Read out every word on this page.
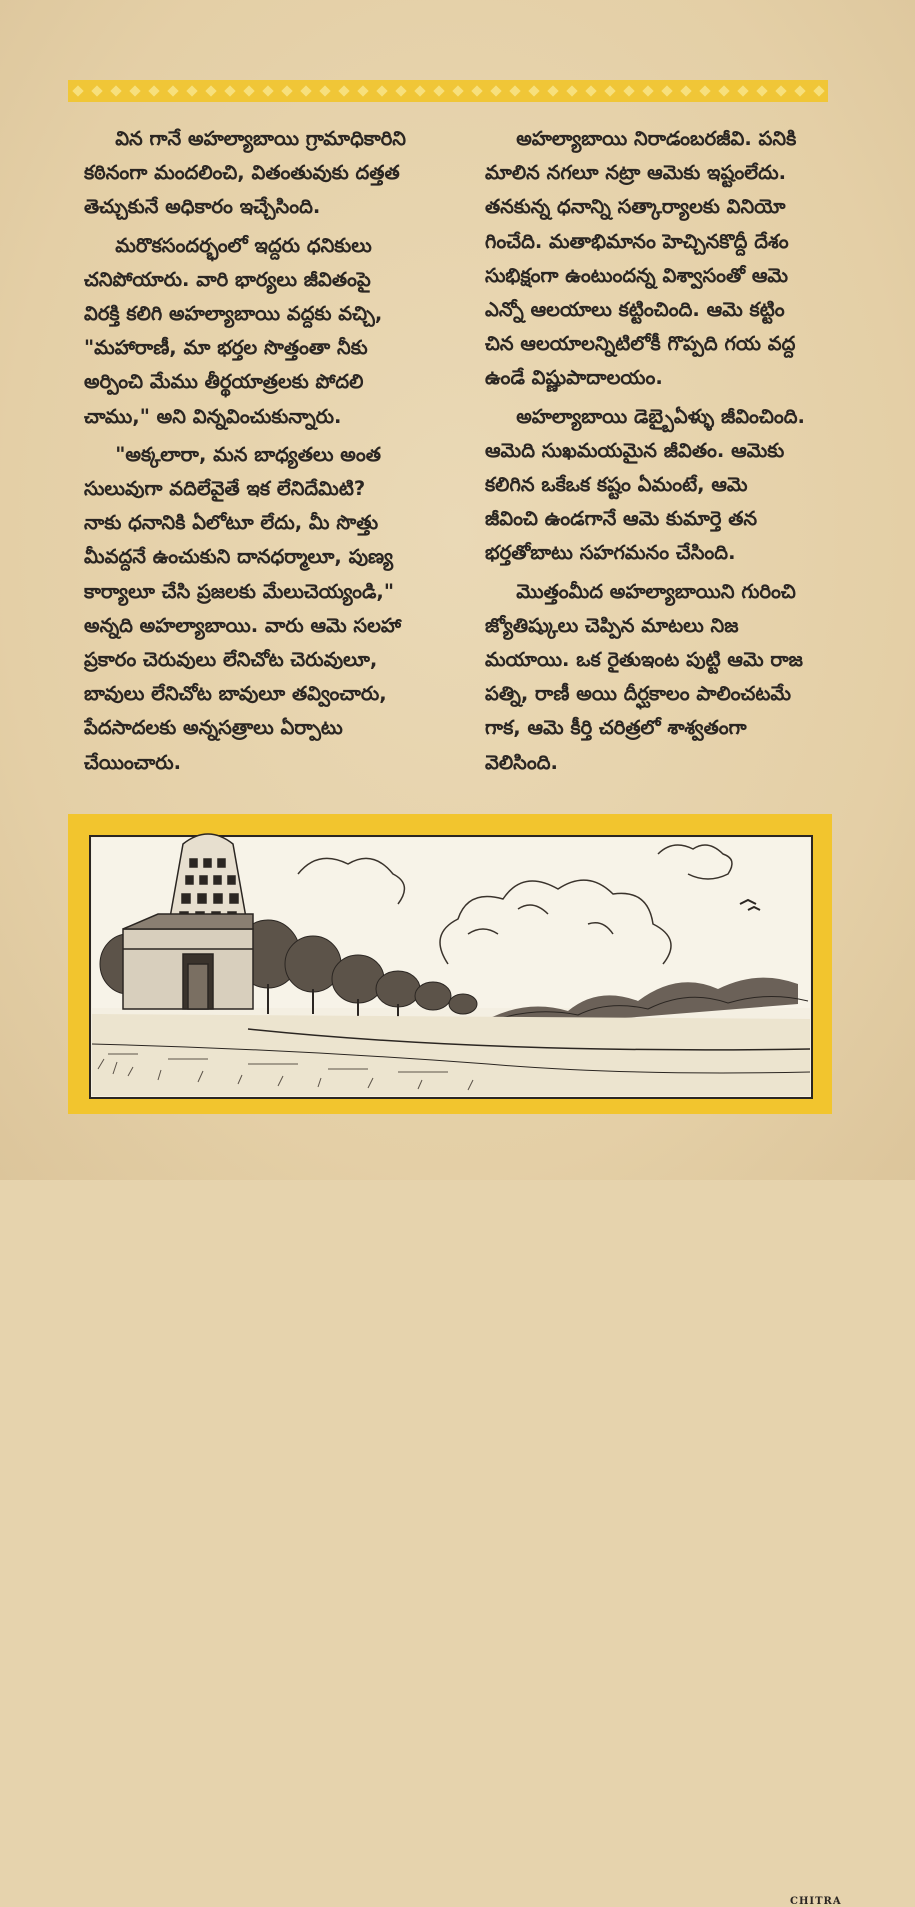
విన గానే అహల్యాబాయి గ్రామాధికారిని
కఠినంగా మందలించి, వితంతువుకు దత్తత
తెచ్చుకునే అధికారం ఇచ్చేసింది.

మరొకసందర్భంలో ఇద్దరు ధనికులు
చనిపోయారు. వారి భార్యలు జీవితంపై
విరక్తి కలిగి అహల్యాబాయి వద్దకు వచ్చి,
"మహారాణీ, మా భర్తల సొత్తంతా నీకు
అర్పించి మేము తీర్థయాత్రలకు పోదలి
చాము," అని విన్నవించుకున్నారు.

"అక్కలారా, మన బాధ్యతలు అంత
సులువుగా వదిలేవైతే ఇక లేనిదేమిటి?
నాకు ధనానికి ఏలోటూ లేదు, మీ సొత్తు
మీవద్దనే ఉంచుకుని దానధర్మాలూ, పుణ్య
కార్యాలూ చేసి ప్రజలకు మేలుచెయ్యండి,"
అన్నది అహల్యాబాయి. వారు ఆమె సలహా
ప్రకారం చెరువులు లేనిచోట చెరువులూ,
బావులు లేనిచోట బావులూ తవ్వించారు,
పేదసాదలకు అన్నసత్రాలు ఏర్పాటు
చేయించారు.

అహల్యాబాయి నిరాడంబరజీవి. పనికి
మాలిన నగలూ నట్రా ఆమెకు ఇష్టంలేదు.
తనకున్న ధనాన్ని సత్కార్యాలకు వినియో
గించేది. మతాభిమానం హెచ్చినకొద్దీ దేశం
సుభిక్షంగా ఉంటుందన్న విశ్వాసంతో ఆమె
ఎన్నో ఆలయాలు కట్టించింది. ఆమె కట్టిం
చిన ఆలయాలన్నిటిలోకీ గొప్పది గయ వద్ద
ఉండే విష్ణుపాదాలయం.

అహల్యాబాయి డెబ్బైఏళ్ళు జీవించింది.
ఆమెది సుఖమయమైన జీవితం. ఆమెకు
కలిగిన ఒకేఒక కష్టం ఏమంటే, ఆమె
జీవించి ఉండగానే ఆమె కుమార్తె తన
భర్తతోబాటు సహగమనం చేసింది.

మొత్తంమీద అహల్యాబాయిని గురించి
జ్యోతిష్కులు చెప్పిన మాటలు నిజ
మయాయి. ఒక రైతుఇంట పుట్టి ఆమె రాజ
పత్ని, రాణీ అయి దీర్ఘకాలం పాలించటమే
గాక, ఆమె కీర్తి చరిత్రలో శాశ్వతంగా
వెలిసింది.

CHITRA
